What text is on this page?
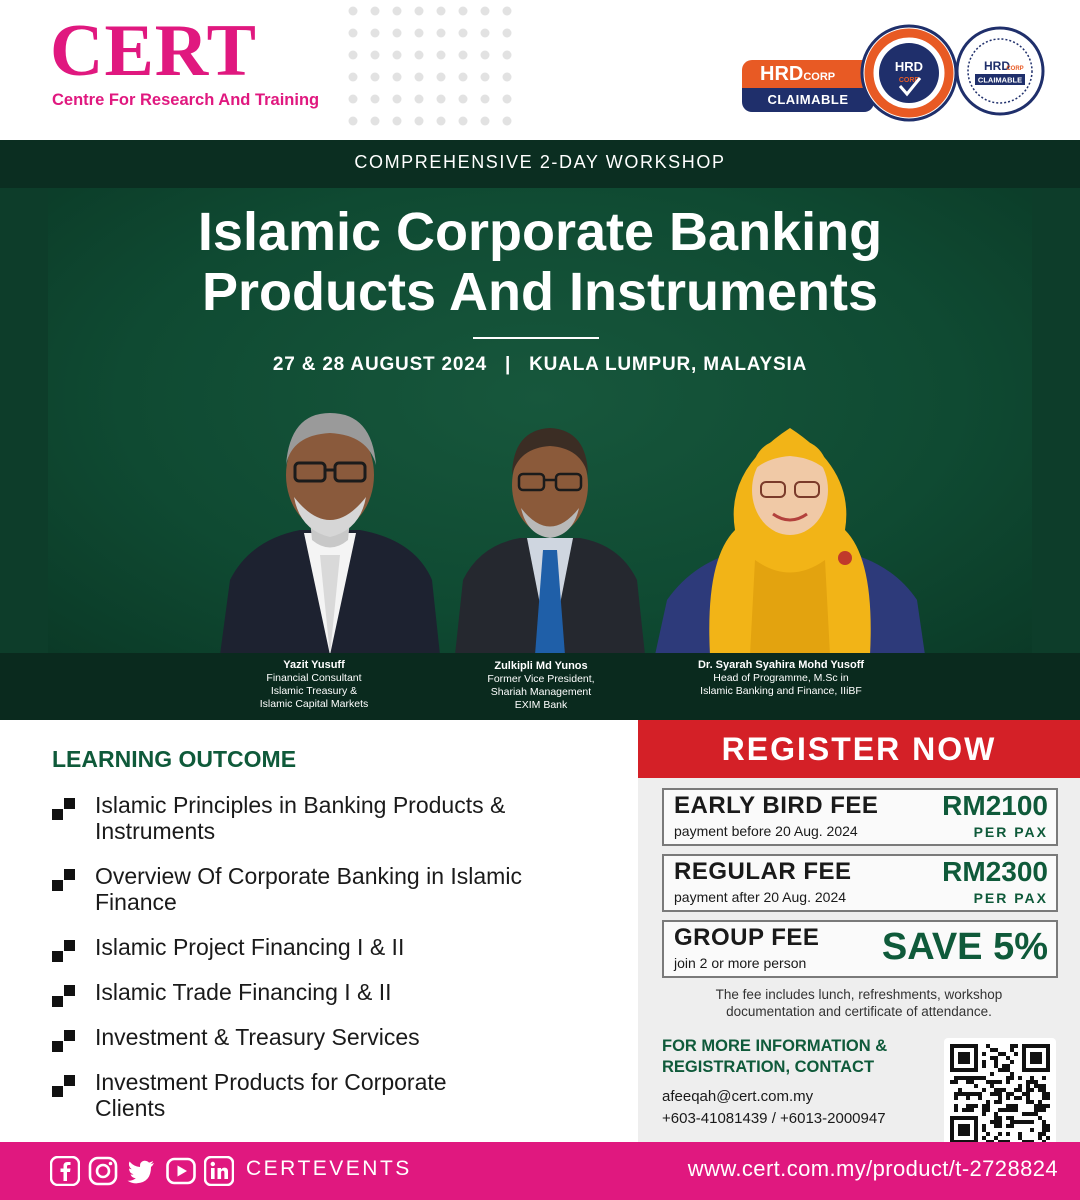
CERT
Centre For Research And Training
HRDCORP
CLAIMABLE
HRD
CORP
HRD
CORP
CLAIMABLE
COMPREHENSIVE 2-DAY WORKSHOP
Islamic Corporate Banking
Products And Instruments
27 & 28 AUGUST 2024 | KUALA LUMPUR, MALAYSIA
Yazit Yusuff
Financial Consultant
Islamic Treasury &
Islamic Capital Markets
Zulkipli Md Yunos
Former Vice President,
Shariah Management
EXIM Bank
Dr. Syarah Syahira Mohd Yusoff
Head of Programme, M.Sc in
Islamic Banking and Finance, IIiBF
LEARNING OUTCOME
Islamic Principles in Banking Products &
Instruments
Overview Of Corporate Banking in Islamic
Finance
Islamic Project Financing I & II
Islamic Trade Financing I & II
Investment & Treasury Services
Investment Products for Corporate
Clients
REGISTER NOW
EARLY BIRD FEE
payment before 20 Aug. 2024
RM2100
PER PAX
REGULAR FEE
payment after 20 Aug. 2024
RM2300
PER PAX
GROUP FEE
join 2 or more person SAVE 5%
The fee includes lunch, refreshments, workshop
documentation and certificate of attendance.
FOR MORE INFORMATION &
REGISTRATION, CONTACT
afeeqah@cert.com.my
+603-41081439 / +6013-2000947
CERTEVENTS	www.cert.com.my/product/t-2728824
